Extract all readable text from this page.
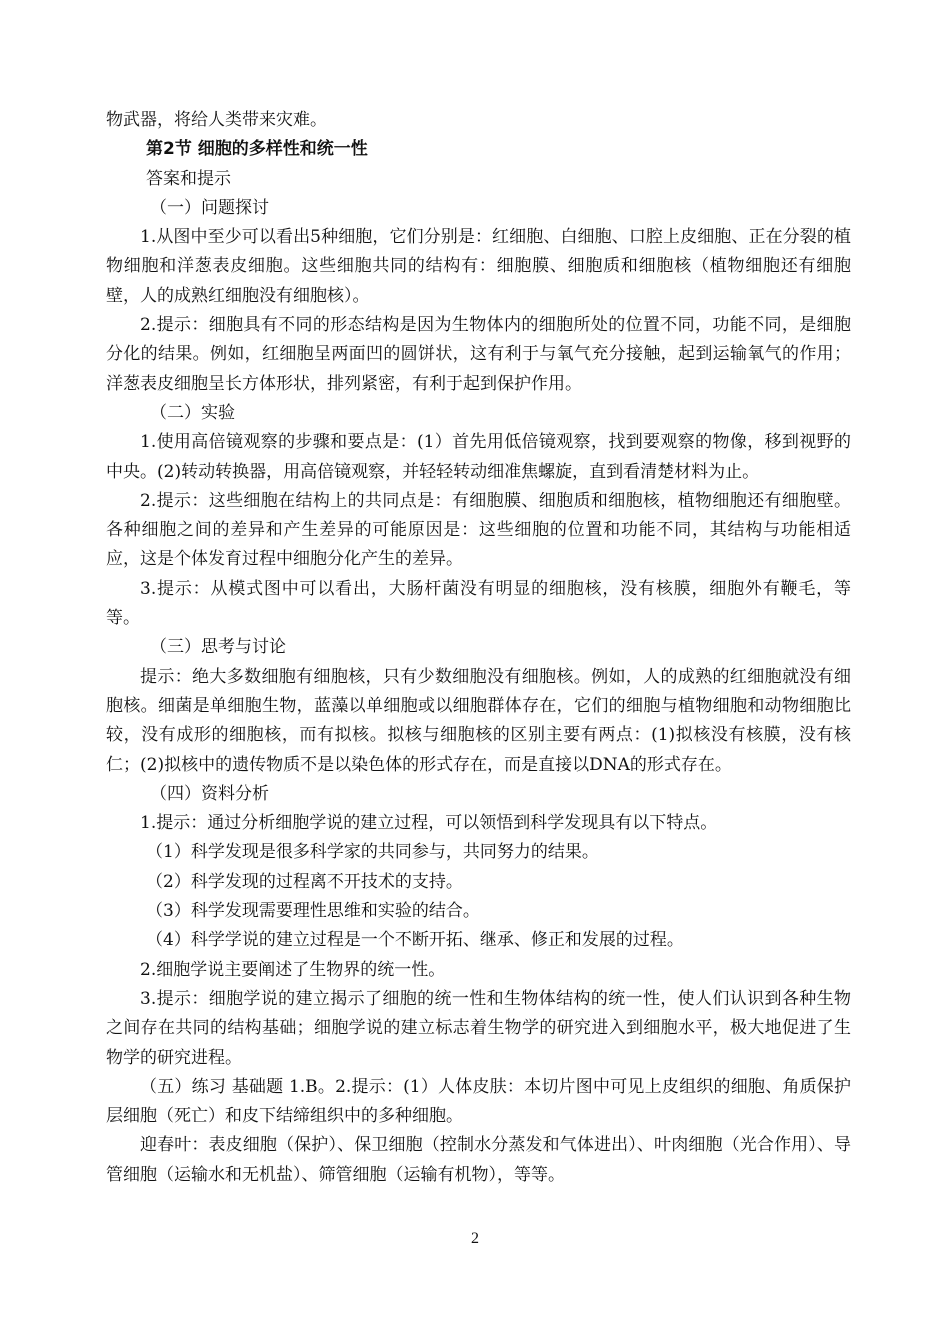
物武器，将给人类带来灾难。

第2节 细胞的多样性和统一性

答案和提示

（一）问题探讨

1.从图中至少可以看出5种细胞，它们分别是：红细胞、白细胞、口腔上皮细胞、正在分裂的植物细胞和洋葱表皮细胞。这些细胞共同的结构有：细胞膜、细胞质和细胞核（植物细胞还有细胞壁，人的成熟红细胞没有细胞核）。

2.提示：细胞具有不同的形态结构是因为生物体内的细胞所处的位置不同，功能不同，是细胞分化的结果。例如，红细胞呈两面凹的圆饼状，这有利于与氧气充分接触，起到运输氧气的作用；洋葱表皮细胞呈长方体形状，排列紧密，有利于起到保护作用。

（二）实验

1.使用高倍镜观察的步骤和要点是：(1）首先用低倍镜观察，找到要观察的物像，移到视野的中央。(2)转动转换器，用高倍镜观察，并轻轻转动细准焦螺旋，直到看清楚材料为止。

2.提示：这些细胞在结构上的共同点是：有细胞膜、细胞质和细胞核，植物细胞还有细胞壁。各种细胞之间的差异和产生差异的可能原因是：这些细胞的位置和功能不同，其结构与功能相适应，这是个体发育过程中细胞分化产生的差异。

3.提示：从模式图中可以看出，大肠杆菌没有明显的细胞核，没有核膜，细胞外有鞭毛，等等。

（三）思考与讨论

提示：绝大多数细胞有细胞核，只有少数细胞没有细胞核。例如，人的成熟的红细胞就没有细胞核。细菌是单细胞生物，蓝藻以单细胞或以细胞群体存在，它们的细胞与植物细胞和动物细胞比较，没有成形的细胞核，而有拟核。拟核与细胞核的区别主要有两点：(1)拟核没有核膜，没有核仁；(2)拟核中的遗传物质不是以染色体的形式存在，而是直接以DNA的形式存在。

（四）资料分析

1.提示：通过分析细胞学说的建立过程，可以领悟到科学发现具有以下特点。

（1）科学发现是很多科学家的共同参与，共同努力的结果。

（2）科学发现的过程离不开技术的支持。

（3）科学发现需要理性思维和实验的结合。

（4）科学学说的建立过程是一个不断开拓、继承、修正和发展的过程。

2.细胞学说主要阐述了生物界的统一性。

3.提示：细胞学说的建立揭示了细胞的统一性和生物体结构的统一性，使人们认识到各种生物之间存在共同的结构基础；细胞学说的建立标志着生物学的研究进入到细胞水平，极大地促进了生物学的研究进程。

（五）练习 基础题 1.B。2.提示：(1）人体皮肤：本切片图中可见上皮组织的细胞、角质保护层细胞（死亡）和皮下结缔组织中的多种细胞。

迎春叶：表皮细胞（保护）、保卫细胞（控制水分蒸发和气体进出）、叶肉细胞（光合作用）、导管细胞（运输水和无机盐）、筛管细胞（运输有机物），等等。

2
